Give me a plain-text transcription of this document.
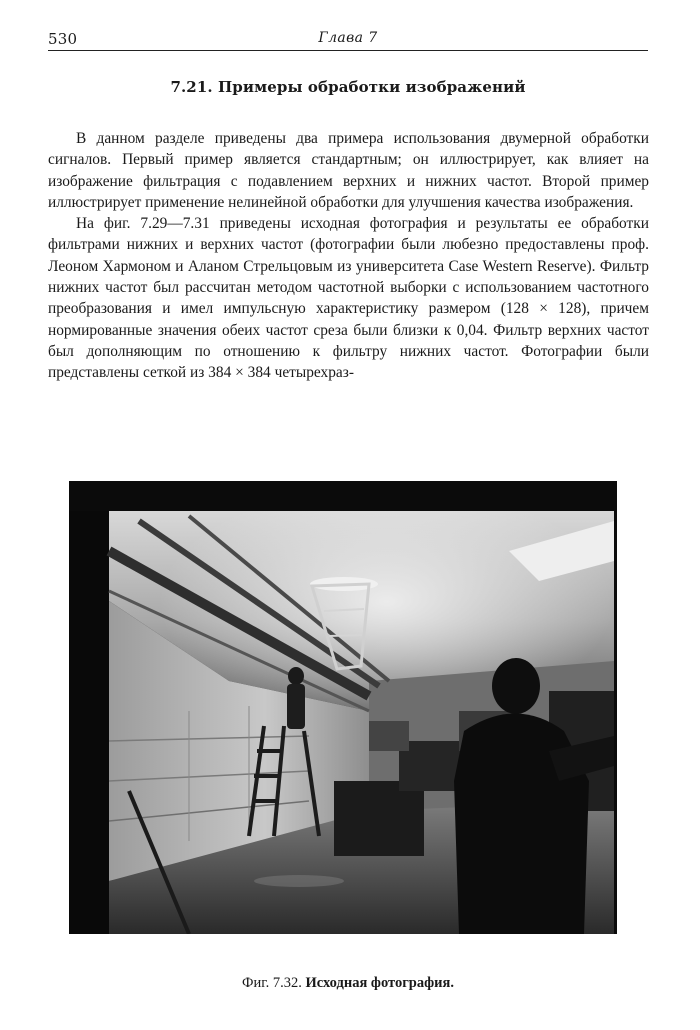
530	Глава 7
7.21. Примеры обработки изображений

В данном разделе приведены два примера использования двумерной обработки сигналов. Первый пример является стандартным; он иллюстрирует, как влияет на изображение фильтрация с подавлением верхних и нижних частот. Второй пример иллюстрирует применение нелинейной обработки для улучшения качества изображения.

На фиг. 7.29—7.31 приведены исходная фотография и результаты ее обработки фильтрами нижних и верхних частот (фотографии были любезно предоставлены проф. Леоном Хармоном и Аланом Стрельцовым из университета Case Western Reserve). Фильтр нижних частот был рассчитан методом частотной выборки с использованием частотного преобразования и имел импульсную характеристику размером (128 × 128), причем нормированные значения обеих частот среза были близки к 0,04. Фильтр верхних частот был дополняющим по отношению к фильтру нижних частот. Фотографии были представлены сеткой из 384 × 384 четырехраз-

Фиг. 7.32. Исходная фотография.
